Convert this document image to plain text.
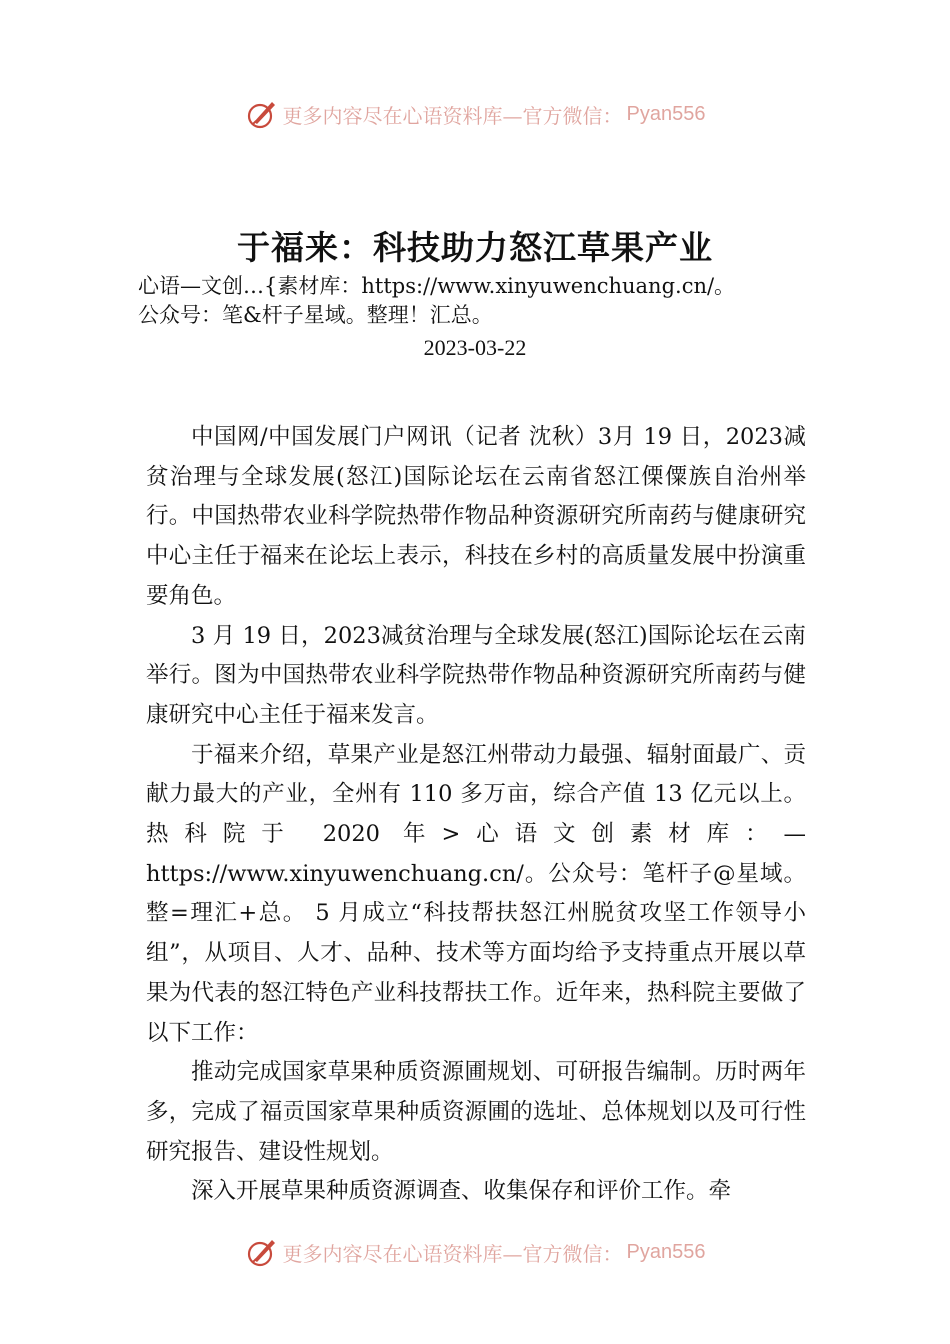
更多内容尽在心语资料库—官方微信： Pyan556
于福来：科技助力怒江草果产业
心语—文创…{素材库：https://www.xinyuwenchuang.cn/。
公众号：笔&杆子星域。整理！汇总。
2023-03-22

中国网/中国发展门户网讯（记者 沈秋）3月 19 日，2023减贫治理与全球发展(怒江)国际论坛在云南省怒江傈僳族自治州举行。中国热带农业科学院热带作物品种资源研究所南药与健康研究中心主任于福来在论坛上表示，科技在乡村的高质量发展中扮演重要角色。

3 月 19 日，2023减贫治理与全球发展(怒江)国际论坛在云南举行。图为中国热带农业科学院热带作物品种资源研究所南药与健康研究中心主任于福来发言。

于福来介绍，草果产业是怒江州带动力最强、辐射面最广、贡献力最大的产业，全州有 110 多万亩，综合产值 13 亿元以上。热科院于 2020 年>心语文创素材库：—https://www.xinyuwenchuang.cn/。公众号：笔杆子@星域。整=理汇+总。 5 月成立“科技帮扶怒江州脱贫攻坚工作领导小组”，从项目、人才、品种、技术等方面均给予支持重点开展以草果为代表的怒江特色产业科技帮扶工作。近年来，热科院主要做了以下工作：

推动完成国家草果种质资源圃规划、可研报告编制。历时两年多，完成了福贡国家草果种质资源圃的选址、总体规划以及可行性研究报告、建设性规划。

深入开展草果种质资源调查、收集保存和评价工作。牵

更多内容尽在心语资料库—官方微信： Pyan556
